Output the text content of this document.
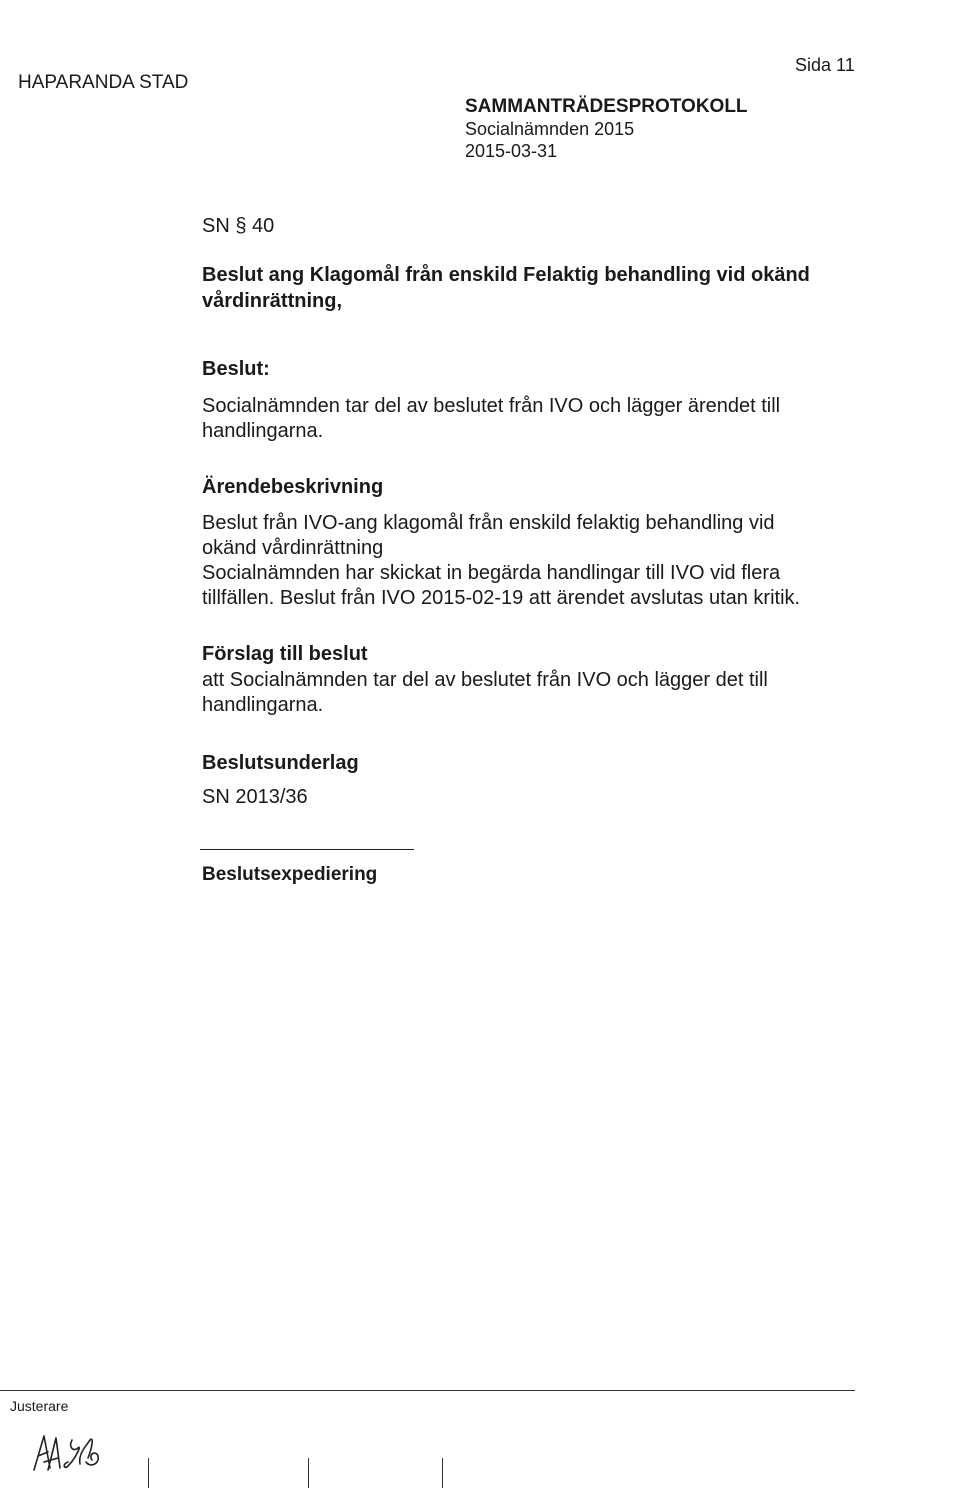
HAPARANDA STAD
Sida 11
SAMMANTRÄDESPROTOKOLL
Socialnämnden 2015
2015-03-31
SN § 40
Beslut ang Klagomål från enskild Felaktig behandling vid okänd vårdinrättning,
Beslut:
Socialnämnden tar del av beslutet från IVO och lägger ärendet till handlingarna.
Ärendebeskrivning
Beslut från IVO-ang klagomål från enskild felaktig behandling vid
okänd vårdinrättning
Socialnämnden har skickat in begärda handlingar till IVO vid flera
tillfällen. Beslut från IVO 2015-02-19 att ärendet avslutas utan kritik.
Förslag till beslut
att Socialnämnden tar del av beslutet från IVO och lägger det till handlingarna.
Beslutsunderlag
SN 2013/36
Beslutsexpediering
Justerare
